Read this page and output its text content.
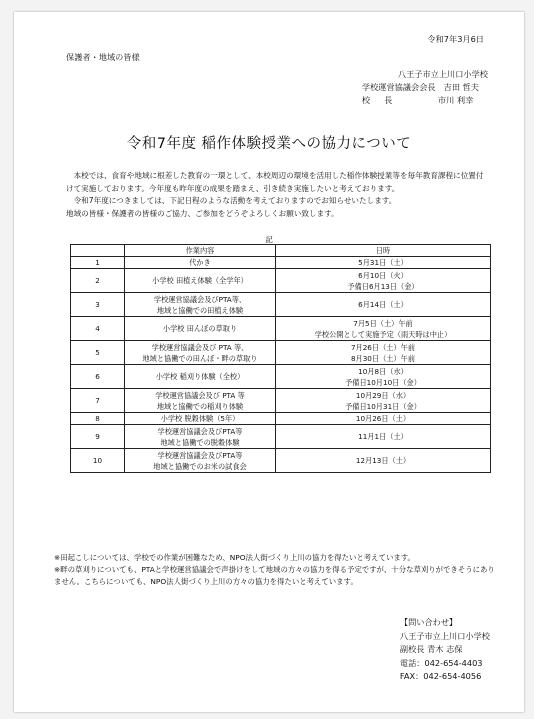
令和7年3月6日
保護者・地域の皆様
八王子市立上川口小学校
学校運営協議会会長 吉田 哲夫
校長	市川 利幸
令和7年度 稲作体験授業への協力について

本校では、食育や地域に根差した教育の一環として、本校周辺の環境を活用した稲作体験授業等を毎年教育課程に位置付けて実施しております。今年度も昨年度の成果を踏まえ、引き続き実施したいと考えております。

令和7年度につきましては、下記日程のような活動を考えておりますのでお知らせいたします。

地域の皆様・保護者の皆様のご協力、ご参加をどうぞよろしくお願い致します。

記
	作業内容	日時
1	代かき	5月31日（土）

2	小学校 田植え体験（全学年）	6月10日（火）
予備日6月13日（金）

3	学校運営協議会及びPTA等、
地域と協働での田植え体験	6月14日（土）

4	小学校 田んぼの草取り	7月5日（土）午前
学校公開として実施予定（雨天時は中止）

5	学校運営協議会及び PTA 等、
地域と協働での田んぼ・畔の草取り	7月26日（土）午前
8月30日（土）午前

6	小学校 稲刈り体験（全校）	10月8日（水）
予備日10月10日（金）

7	学校運営協議会及び PTA 等
地域と協働での稲刈り体験	10月29日（水）
予備日10月31日（金）

8	小学校 脱穀体験（5年）	10月26日（土）

9	学校運営協議会及びPTA等
地域と協働での脱穀体験	11月1日（土）

10	学校運営協議会及びPTA等
地域と協働でのお米の試食会	12月13日（土）

※田起こしについては、学校での作業が困難なため、NPO法人街づくり上川の協力を得たいと考えています。

※畔の草刈りについても、PTAと学校運営協議会で声掛けをして地域の方々の協力を得る予定ですが、十分な草刈りができそうにありません。こちらについても、NPO法人街づくり上川の方々の協力を得たいと考えています。

【問い合わせ】
八王子市立上川口小学校
副校長 青木 志保
電話：042-654-4403
FAX：042-654-4056
